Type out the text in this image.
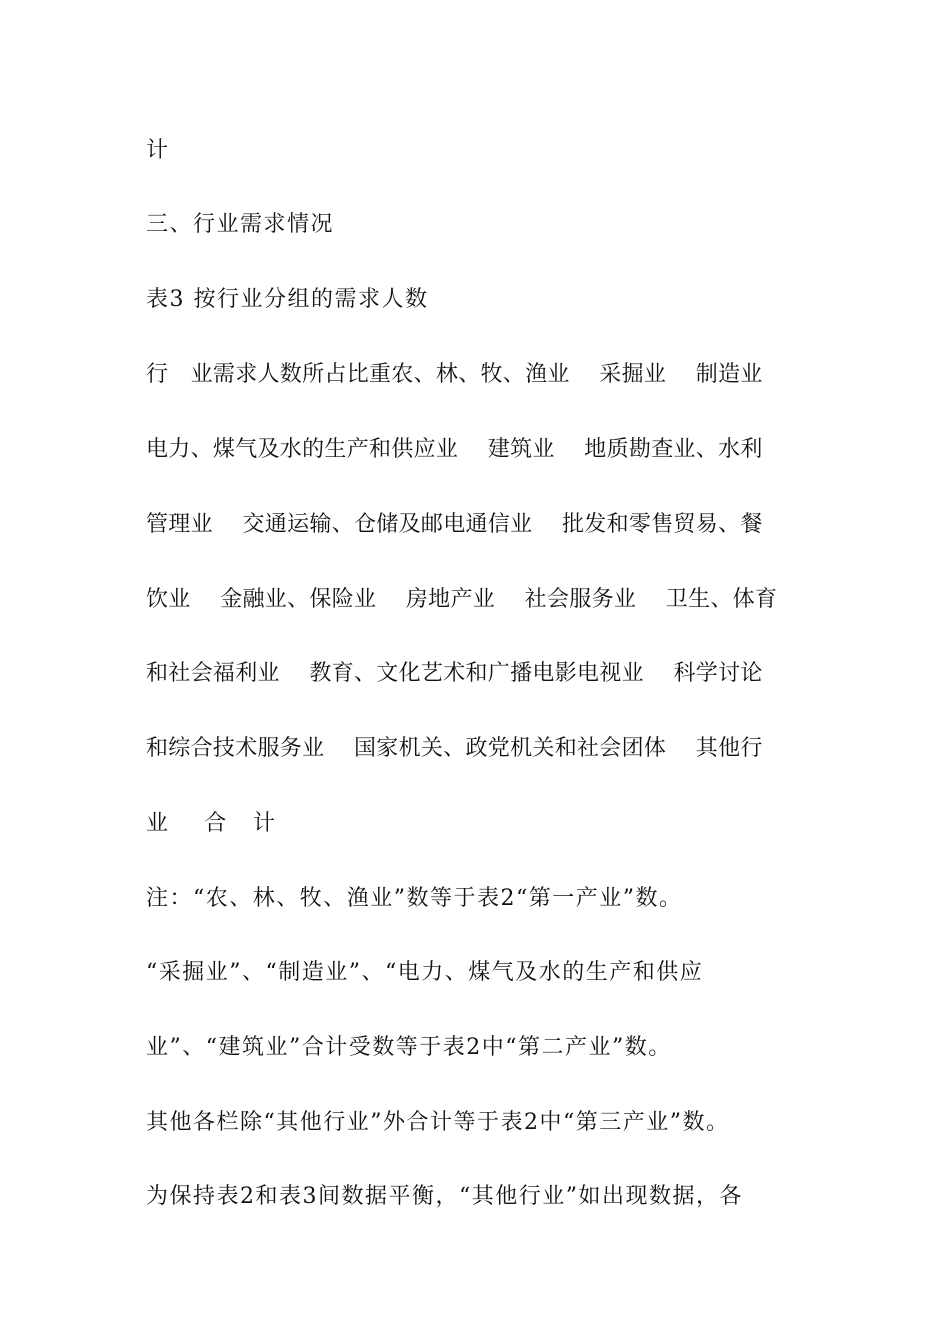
计
三、行业需求情况
表3 按行业分组的需求人数
行　业需求人数所占比重农、林、牧、渔业　 采掘业　 制造业
电力、煤气及水的生产和供应业　 建筑业　 地质勘查业、水利
管理业　 交通运输、仓储及邮电通信业　 批发和零售贸易、餐
饮业　 金融业、保险业　 房地产业　 社会服务业　 卫生、体育
和社会福利业　 教育、文化艺术和广播电影电视业　 科学讨论
和综合技术服务业　 国家机关、政党机关和社会团体　 其他行
业　 合　计
注：“农、林、牧、渔业”数等于表2“第一产业”数。
“采掘业”、“制造业”、“电力、煤气及水的生产和供应
业”、“建筑业”合计受数等于表2中“第二产业”数。
其他各栏除“其他行业”外合计等于表2中“第三产业”数。
为保持表2和表3间数据平衡，“其他行业”如出现数据，各
